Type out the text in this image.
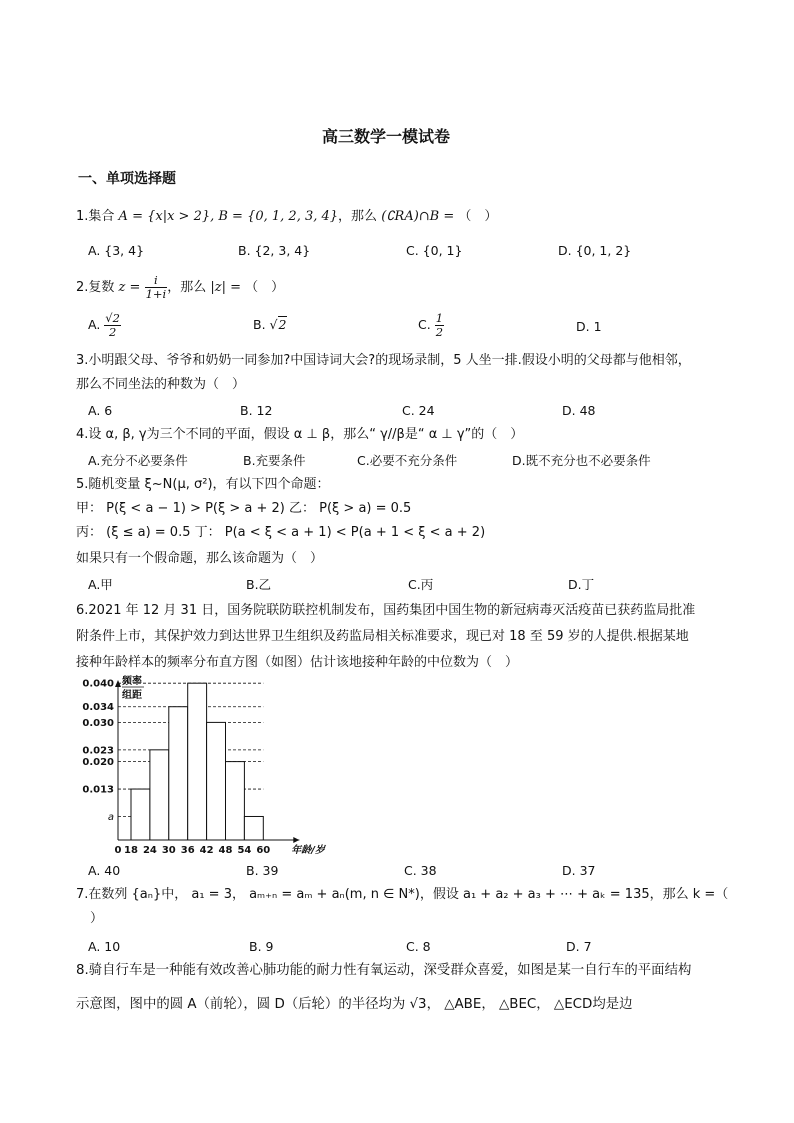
高三数学一模试卷
一、单项选择题
1.集合 A = {x|x > 2}, B = {0, 1, 2, 3, 4}，那么 (∁RA)∩B = （　）
A. {3, 4}	B. {2, 3, 4}	C. {0, 1}	D. {0, 1, 2}
2.复数 $z = \frac{i}{1+i}$ ，那么 |z| = （　）
A. $\frac{√2}{2}$	B. √2	C. $\frac{1}{2}$	D. 1
3.小明跟父母、爷爷和奶奶一同参加?中国诗词大会?的现场录制，5 人坐一排.假设小明的父母都与他相邻，
那么不同坐法的种数为（　）
A. 6	B. 12	C. 24	D. 48
4.设 α, β, γ为三个不同的平面，假设 α ⊥ β，那么“ γ//β是“ α ⊥ γ”的（　）
A.充分不必要条件	B.充要条件	C.必要不充分条件	D.既不充分也不必要条件
5.随机变量 ξ~N(μ, σ²)，有以下四个命题：
甲： P(ξ < a − 1) > P(ξ > a + 2) 乙： P(ξ > a) = 0.5
丙： (ξ ≤ a) = 0.5 丁： P(a < ξ < a + 1) < P(a + 1 < ξ < a + 2)
如果只有一个假命题，那么该命题为（　）
A.甲	B.乙	C.丙	D.丁
6.2021 年 12 月 31 日，国务院联防联控机制发布，国药集团中国生物的新冠病毒灭活疫苗已获药监局批准
附条件上市，其保护效力到达世界卫生组织及药监局相关标准要求，现已对 18 至 59 岁的人提供.根据某地
接种年龄样本的频率分布直方图（如图）估计该地接种年龄的中位数为（　）
a
0.013
0.020
0.023
0.030
0.034
0.040
0 18 24 30 36 42 48 54 60
频率
组距
年龄/岁
A. 40	B. 39	C. 38	D. 37
7.在数列 {aₙ}中， a₁ = 3， aₘ₊ₙ = aₘ + aₙ(m, n ∈ N*)，假设 a₁ + a₂ + a₃ + ⋯ + aₖ = 135，那么 k =（
）
A. 10	B. 9	C. 8	D. 7
8.骑自行车是一种能有效改善心肺功能的耐力性有氧运动，深受群众喜爱，如图是某一自行车的平面结构
示意图，图中的圆 A（前轮），圆 D（后轮）的半径均为 √3， △ABE， △BEC， △ECD均是边
